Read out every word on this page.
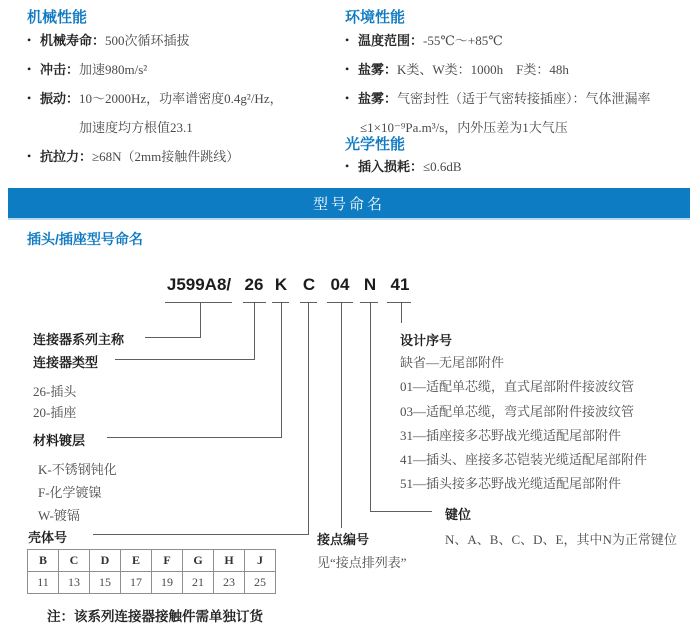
机械性能
• 机械寿命：500次循环插拔
• 冲击：加速980m/s²
• 振动：10～2000Hz，功率谱密度0.4g²/Hz，
加速度均方根值23.1
• 抗拉力：≥68N（2mm接触件跳线）
环境性能
• 温度范围：-55℃～+85℃
• 盐雾：K类、W类：1000h　F类：48h
• 盐雾：气密封性（适于气密转接插座）：气体泄漏率
≤1×10⁻⁹Pa.m³/s，内外压差为1大气压
光学性能
• 插入损耗：≤0.6dB
型号命名
插头/插座型号命名
J599A8/ 26 K C 04 N 41
连接器系列主称
连接器类型
26-插头
20-插座
材料镀层
K-不锈钢钝化
F-化学镀镍
W-镀镉
壳体号
设计序号
缺省—无尾部附件
01—适配单芯缆，直式尾部附件接波纹管
03—适配单芯缆，弯式尾部附件接波纹管
31—插座接多芯野战光缆适配尾部附件
41—插头、座接多芯铠装光缆适配尾部附件
51—插头接多芯野战光缆适配尾部附件
键位
N、A、B、C、D、E，其中N为正常键位
接点编号
见“接点排列表”
B	C	D	E	F	G	H	J
11	13	15	17	19	21	23	25
注：该系列连接器接触件需单独订货
